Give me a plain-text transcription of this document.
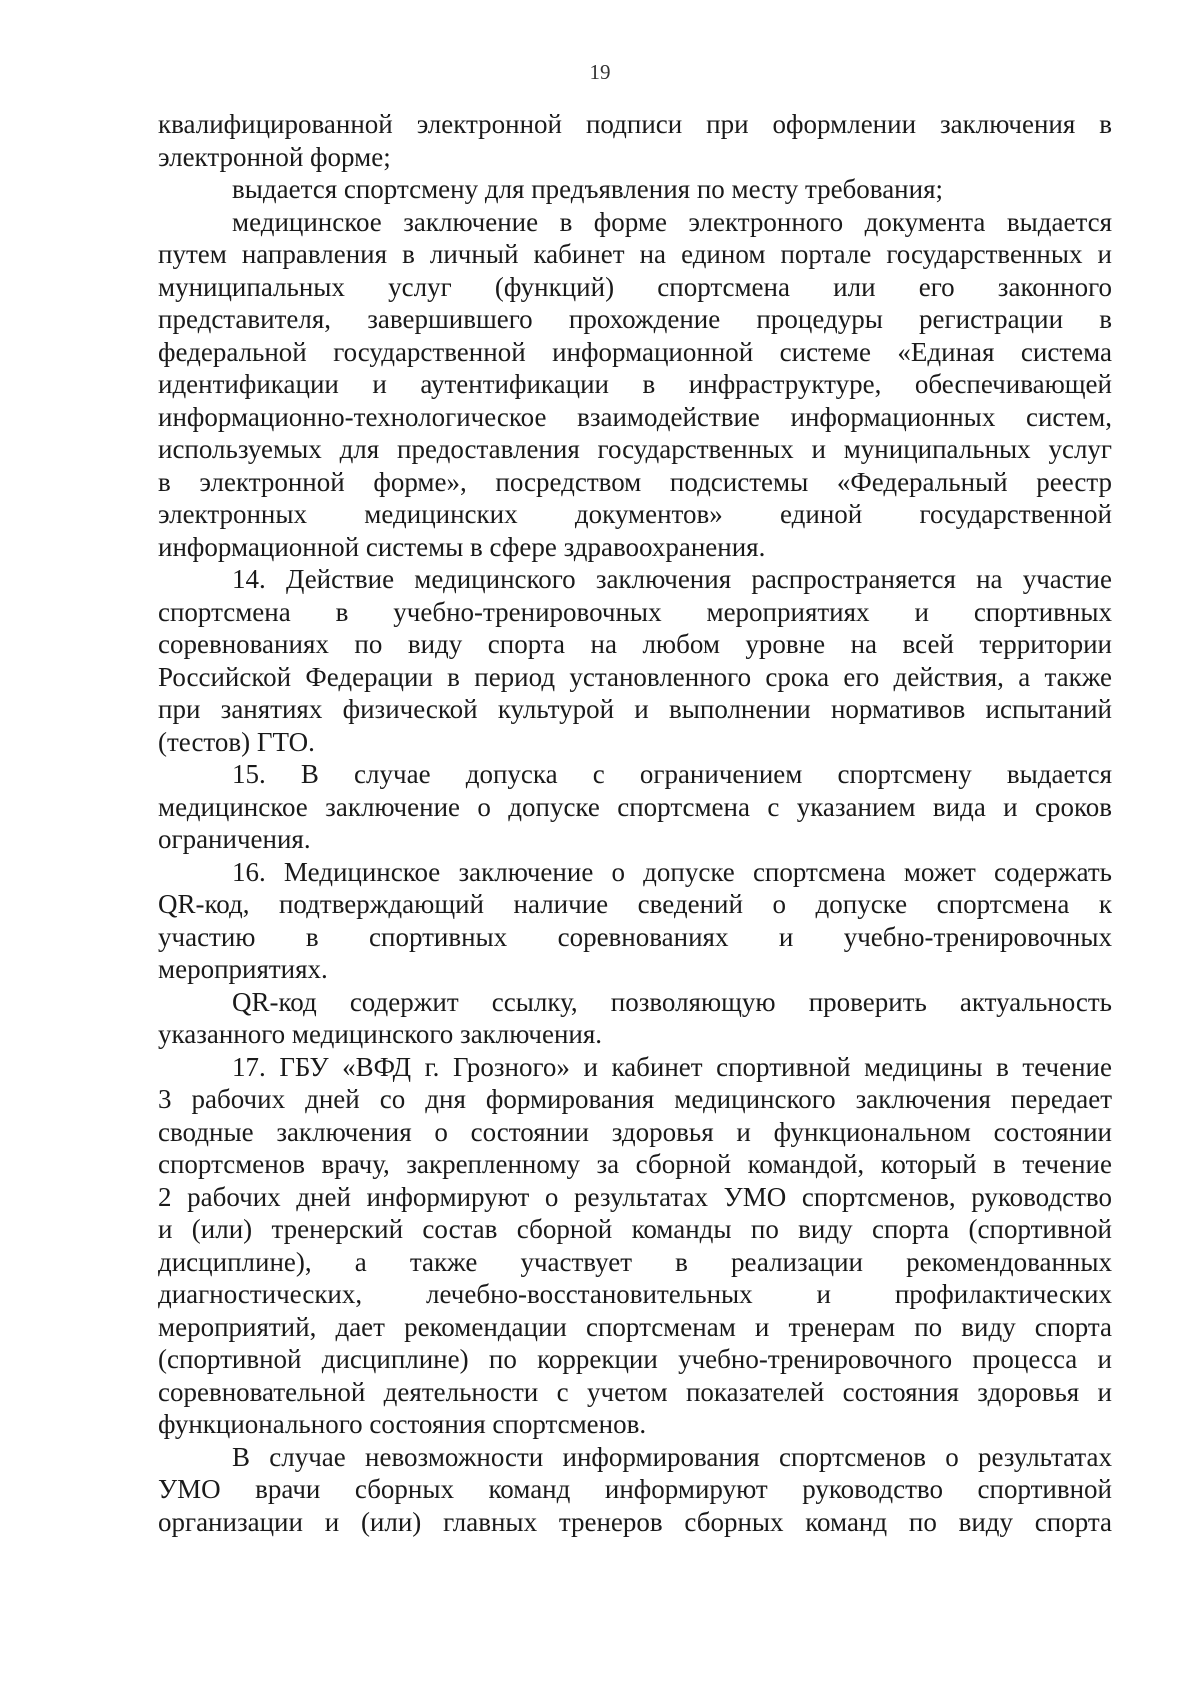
19
квалифицированной электронной подписи при оформлении заключения в
электронной форме;
выдается спортсмену для предъявления по месту требования;
медицинское заключение в форме электронного документа выдается
путем направления в личный кабинет на едином портале государственных и
муниципальных услуг (функций) спортсмена или его законного
представителя, завершившего прохождение процедуры регистрации в
федеральной государственной информационной системе «Единая система
идентификации и аутентификации в инфраструктуре, обеспечивающей
информационно-технологическое взаимодействие информационных систем,
используемых для предоставления государственных и муниципальных услуг
в электронной форме», посредством подсистемы «Федеральный реестр
электронных медицинских документов» единой государственной
информационной системы в сфере здравоохранения.
14. Действие медицинского заключения распространяется на участие
спортсмена в учебно-тренировочных мероприятиях и спортивных
соревнованиях по виду спорта на любом уровне на всей территории
Российской Федерации в период установленного срока его действия, а также
при занятиях физической культурой и выполнении нормативов испытаний
(тестов) ГТО.
15. В случае допуска с ограничением спортсмену выдается
медицинское заключение о допуске спортсмена с указанием вида и сроков
ограничения.
16. Медицинское заключение о допуске спортсмена может содержать
QR-код, подтверждающий наличие сведений о допуске спортсмена к
участию в спортивных соревнованиях и учебно-тренировочных
мероприятиях.
QR-код содержит ссылку, позволяющую проверить актуальность
указанного медицинского заключения.
17. ГБУ «ВФД г. Грозного» и кабинет спортивной медицины в течение
3 рабочих дней со дня формирования медицинского заключения передает
сводные заключения о состоянии здоровья и функциональном состоянии
спортсменов врачу, закрепленному за сборной командой, который в течение
2 рабочих дней информируют о результатах УМО спортсменов, руководство
и (или) тренерский состав сборной команды по виду спорта (спортивной
дисциплине), а также участвует в реализации рекомендованных
диагностических, лечебно-восстановительных и профилактических
мероприятий, дает рекомендации спортсменам и тренерам по виду спорта
(спортивной дисциплине) по коррекции учебно-тренировочного процесса и
соревновательной деятельности с учетом показателей состояния здоровья и
функционального состояния спортсменов.
В случае невозможности информирования спортсменов о результатах
УМО врачи сборных команд информируют руководство спортивной
организации и (или) главных тренеров сборных команд по виду спорта
